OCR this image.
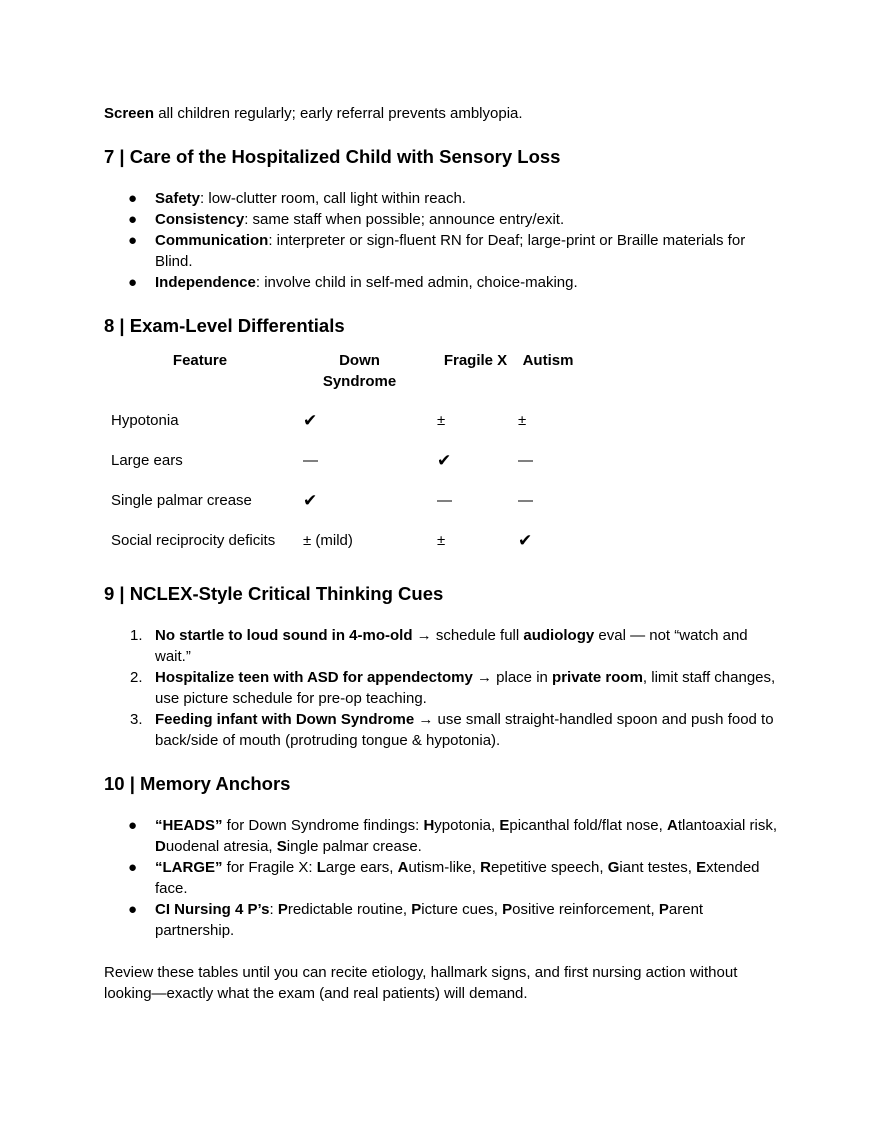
Screen all children regularly; early referral prevents amblyopia.

7 | Care of the Hospitalized Child with Sensory Loss
● Safety: low-clutter room, call light within reach.
● Consistency: same staff when possible; announce entry/exit.
● Communication: interpreter or sign-fluent RN for Deaf; large-print or Braille materials for Blind.
● Independence: involve child in self-med admin, choice-making.
8 | Exam-Level Differentials
Feature	Down Syndrome	Fragile X	Autism

Hypotonia	✔	±	±
Large ears	—	✔	—
Single palmar crease	✔	—	—
Social reciprocity deficits	± (mild)	±	✔
9 | NCLEX-Style Critical Thinking Cues
1. No startle to loud sound in 4-mo-old → schedule full audiology eval — not “watch and wait.”
2. Hospitalize teen with ASD for appendectomy → place in private room, limit staff changes, use picture schedule for pre-op teaching.
3. Feeding infant with Down Syndrome → use small straight-handled spoon and push food to back/side of mouth (protruding tongue & hypotonia).
10 | Memory Anchors
● “HEADS” for Down Syndrome findings: Hypotonia, Epicanthal fold/flat nose, Atlantoaxial risk, Duodenal atresia, Single palmar crease.
● “LARGE” for Fragile X: Large ears, Autism-like, Repetitive speech, Giant testes, Extended face.
● CI Nursing 4 P’s: Predictable routine, Picture cues, Positive reinforcement, Parent partnership.

Review these tables until you can recite etiology, hallmark signs, and first nursing action without looking—exactly what the exam (and real patients) will demand.
